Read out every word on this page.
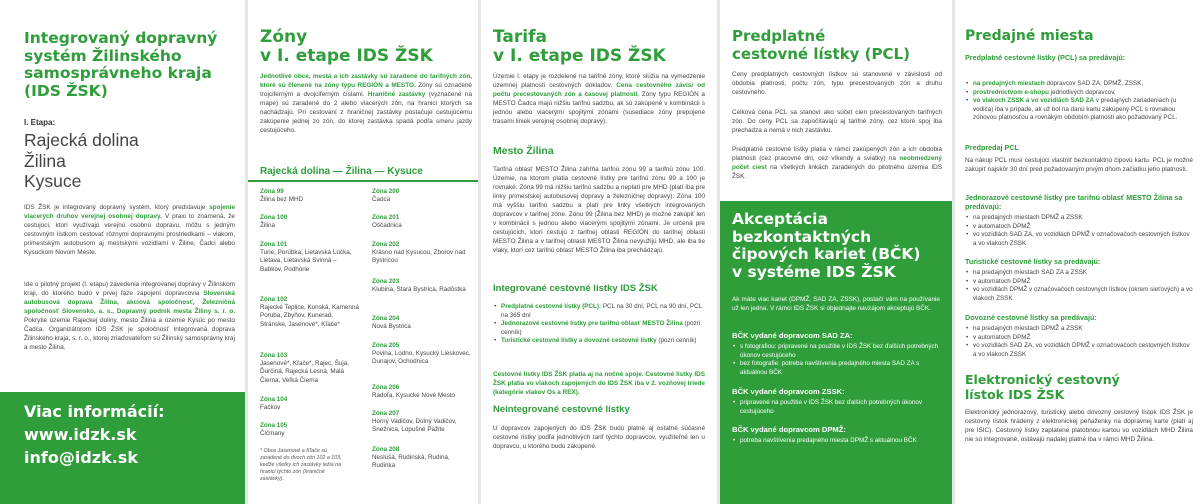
Integrovaný dopravný systém Žilinského samosprávneho kraja (IDS ŽSK)
I. Etapa:
Rajecká dolina
Žilina
Kysuce

IDS ŽSK je integrovaný dopravný systém, ktorý predstavuje spojenie viacerých druhov verejnej osobnej dopravy. V praxi to znamená, že cestujúci, ktorí využívajú verejnú osobnú dopravu, môžu s jedným cestovným lístkom cestovať rôznymi dopravnými prostriedkami – vlakom, primestským autobusom aj mestskými vozidlami v Žiline, Čadci alebo Kysuckom Novom Meste.

Ide o pilotný projekt (I. etapu) zavedenia integrovanej dopravy v Žilinskom kraji, do ktorého budú v prvej fáze zapojení dopravcovia Slovenská autobusová doprava Žilina, akciová spoločnosť, Železničná spoločnosť Slovensko, a. s., Dopravný podnik mesta Žiliny s. r. o. Pokrytie územie Rajeckej doliny, mesto Žilina a územie Kysúc po mesto Čadca. Organizátorom IDS ŽSK je spoločnosť Integrovaná doprava Žilinského kraja, s. r. o., ktorej zriaďovateľom sú Žilinský samosprávny kraj a mesto Žilina.

Viac informácií:
www.idzk.sk
info@idzk.sk
Zóny
v I. etape IDS ŽSK

Jednotlivé obce, mestá a ich zastávky sú zaradené do tarifných zón, ktoré sú členené na zóny typu REGIÓN a MESTO. Zóny sú označené trojciferným a dvojciferným číslami. Hraničné zastávky (vyznačené na mape) sú zaradené do 2 alebo viacerých zón, na hranici ktorých sa nachádzajú. Pri cestovaní z hraničnej zastávky postačuje cestujúcemu zakúpenie jednej zo zón, do ktorej zastávka spadá podľa smeru jazdy cestujúceho.

Rajecká dolina — Žilina — Kysuce
Zóna 99
Žilina bez MHD
Zóna 100
Žilina
Zóna 101
Turie, Porúbka, Lietavská Lúčka, Lietava, Lietavská Svinná – Babkov, Podhorie
Zóna 102
Rajecké Teplice, Konská, Kamenná Poruba, Zbyňov, Kunerad, Stránske, Jasenové*, Kľače*
Zóna 103
Jasenové*, Kľače*, Rajec, Šuja, Ďurčiná, Rajecká Lesná, Malá Čierna, Veľká Čierna
Zóna 104
Fačkov
Zóna 105
Čičmany
* Obce Jasenové a Kľače sú zaradené do dvoch zón 102 a 103, keďže všetky ich zastávky ležia na hranici týchto zón (hraničné zastávky).
Zóna 200
Čadca
Zóna 201
Oščadnica
Zóna 202
Krásno nad Kysucou, Zborov nad Bystricou
Zóna 203
Klubina, Stará Bystrica, Radôstka
Zóna 204
Nová Bystrica
Zóna 205
Povina, Lodno, Kysucký Lieskovec, Dunajov, Ochodnica
Zóna 206
Radoľa, Kysucké Nové Mesto
Zóna 207
Horný Vadičov, Dolný Vadičov, Snežnica, Lopušné Pažite
Zóna 208
Nesluša, Rudinská, Rudina, Rudinka
Tarifa
v I. etape IDS ŽSK

Územie I. etapy je rozdelené na tarifné zóny, ktoré slúžia na vymedzenie územnej platnosti cestovných dokladov. Cena cestovného závisí od počtu precestovaných zón a časovej platnosti. Zóny typu REGIÓN a MESTO Čadca majú nižšiu tarifnú sadzbu, ak sú zakúpené v kombinácii s jednou alebo viacerými spojitými zónami (susediace zóny prepojené trasami liniek verejnej osobnej dopravy).

Mesto Žilina

Tarifná oblasť MESTO Žilina zahŕňa tarifnú zónu 99 a tarifnú zónu 100. Územie, na ktorom platia cestovné lístky pre tarifnú zónu 99 a 100 je rovnaké. Zóna 99 má nižšiu tarifnú sadzbu a neplatí pre MHD (platí iba pre linky primestskej autobusovej dopravy a železničnej dopravy). Zóna 100 má vyššiu tarifnú sadzbu a platí pre linky všetkých integrovaných dopravcov v tarifnej zóne. Zónu 99 (Žilina bez MHD) je možné zakúpiť len v kombinácii s jednou alebo viacerými spojitými zónami. Je určená pre cestujúcich, ktorí cestujú z tarifnej oblasti REGIÓN do tarifnej oblasti MESTO Žilina a v tarifnej oblasti MESTO Žilina nevyužijú MHD, ale iba tie vlaky, ktorí cez tarifnú oblasť MESTO Žilina iba prechádzajú.

Integrované cestovné lístky IDS ŽSK
• Predplatné cestovné lístky (PCL): PCL na 30 dní, PCL na 90 dní, PCL na 365 dní
• Jednorazové cestovné lístky pre tarifnú oblasť MESTO Žilina (pozri cenník)
• Turistické cestovné lístky a dovozné cestovné lístky (pozri cenník)

Cestovné lístky IDS ŽSK platia aj na nočné spoje. Cestovné lístky IDS ŽSK platia vo vlakoch zapojených do IDS ŽSK iba v 2. vozňovej triede (kategórie vlakov Os a REX).

Neintegrované cestovné lístky

U dopravcov zapojených do IDS ŽSK budú platné aj ostatné súčasné cestovné lístky podľa jednotlivých tarif týchto dopravcov, využiteľné len u dopravcu, u ktorého budú zakúpené.

Predplatné
cestovné lístky (PCL)

Ceny predplatných cestovných lístkov sú stanovené v závislosti od obdobia platnosti, počtu zón, typu precestovaných zón a druhu cestovného.

Celková cena PCL sa stanoví ako súčet cien precestovaných tarifných zón. Do ceny PCL sa započítavajú aj tarifné zóny, cez ktoré spoj iba prechádza a nemá v nich zastávku.

Predplatné cestovné lístky platia v rámci zakúpených zón a ich obdobia platnosti (cez pracovné dni, cez víkendy a sviatky) na neobmedzený počet ciest na všetkých linkách zaradených do pilotného územia IDS ŽSK.

Akceptácia
bezkontaktných
čipových kariet (BČK)
v systéme IDS ŽSK

Ak máte viac kariet (DPMŽ, SAD ZA, ZSSK), postačí vám na používanie už len jedna. V rámci IDS ŽSK si objednajte navzájom akceptujú BČK.

BČK vydané dopravcom SAD ZA:
• s fotografiou: pripravené na použitie v IDS ŽSK bez ďalších potrebných úkonov cestujúceho
• bez fotografie: potreba navštívenia predajného miesta SAD ZA s aktuálnou BČK
BČK vydané dopravcom ZSSK:
• pripravené na použitie v IDS ŽSK bez ďalších potrebných úkonov cestujúceho
BČK vydané dopravcom DPMŽ:
• potreba navštívenia predajného miesta DPMŽ s aktuálnou BČK
Predajné miesta
Predplatné cestovné lístky (PCL) sa predávajú:
• na predajných miestach dopravcov SAD ZA, DPMŽ, ZSSK,
• prostredníctvom e-shopu jednotlivých dopravcov,
• vo vlakoch ZSSK a vo vozidlách SAD ZA v predajných zariadeniach (u vodiča) iba v prípade, ak už bol na danú kartu zakúpený PCL s rovnakou zónovou platnosťou a rovnakým obdobím platnosti ako požadovaný PCL.
Predpredaj PCL

Na nákup PCL musí cestujúci vlastniť bezkontaktnú čipovú kartu. PCL je možné zakúpiť najskôr 30 dní pred požadovaným prvým dňom začiatku jeho platnosti.

Jednorazové cestovné lístky pre tarifnú oblasť MESTO Žilina sa predávajú:
• na predajných miestach DPMŽ a ZSSK
• v automatoch DPMŽ
• vo vozidlách SAD ZA, vo vozidlách DPMŽ v označovačoch cestovných lístkov a vo vlakoch ZSSK
Turistické cestovné lístky sa predávajú:
• na predajných miestach SAD ZA a ZSSK
• v automatoch DPMŽ
• vo vozidlách DPMŽ v označovačoch cestovných lístkov (okrem sieťových) a vo vlakoch ZSSK
Dovozné cestovné lístky sa predávajú:
• na predajných miestach DPMŽ a ZSSK
• v automatoch DPMŽ
• vo vozidlách SAD ZA, vo vozidlách DPMŽ v označovačoch cestovných lístkov a vo vlakoch ZSSK
Elektronický cestovný
lístok IDS ŽSK

Elektronický jednorazový, turistický alebo dovozný cestovný lístok IDS ŽSK je cestovný lístok hradený z elektronickej peňaženky na dopravnej karte (platí aj pre ISIC). Cestovný lístky zaplatené platobnou kartou vo vozidlách MHD Žilina nie sú integrované, ostávajú nadalej platné iba v rámci MHD Žilina.
